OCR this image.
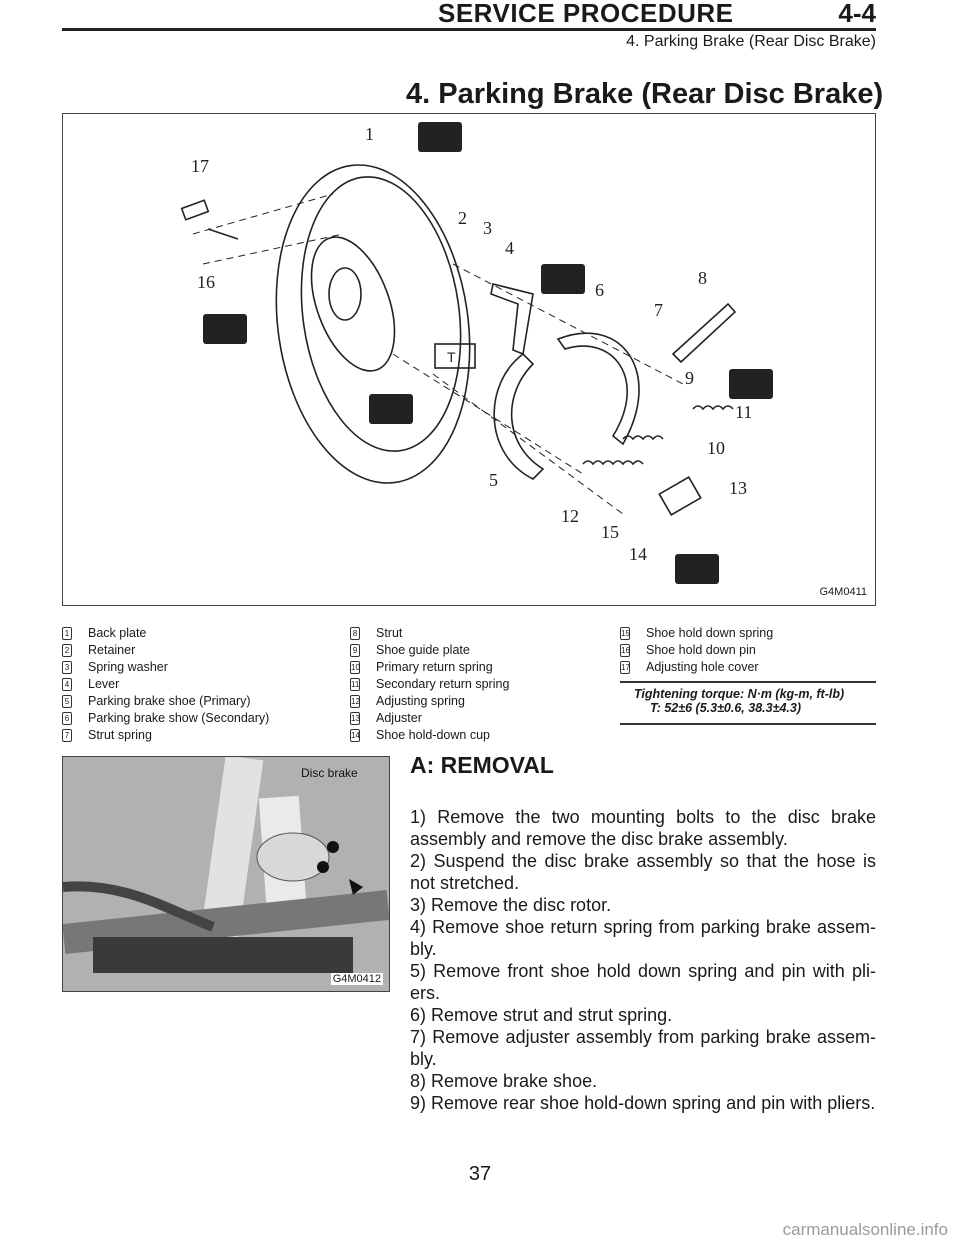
SERVICE PROCEDURE	4-4
4. Parking Brake (Rear Disc Brake)
4. Parking Brake (Rear Disc Brake)
T
1
2 3
4
5
6
7
8
9
10
11
12
13
14
15
16
17
G4M0411
1 Back plate
2 Retainer
3 Spring washer
4 Lever
5 Parking brake shoe (Primary)
6 Parking brake show (Secondary)
7 Strut spring
8 Strut
9 Shoe guide plate
10 Primary return spring
11 Secondary return spring
12 Adjusting spring
13 Adjuster
14 Shoe hold-down cup
15 Shoe hold down spring
16 Shoe hold down pin
17 Adjusting hole cover
Tightening torque: N·m (kg-m, ft-lb)
T: 52±6 (5.3±0.6, 38.3±4.3)
Disc brake
G4M0412
A: REMOVAL

1) Remove the two mounting bolts to the disc brake assembly and remove the disc brake assembly.

2) Suspend the disc brake assembly so that the hose is not stretched.

3) Remove the disc rotor.

4) Remove shoe return spring from parking brake assem-bly.

5) Remove front shoe hold down spring and pin with pli-ers.

6) Remove strut and strut spring.

7) Remove adjuster assembly from parking brake assem-bly.

8) Remove brake shoe.

9) Remove rear shoe hold-down spring and pin with pliers.

37
carmanualsonline.info
